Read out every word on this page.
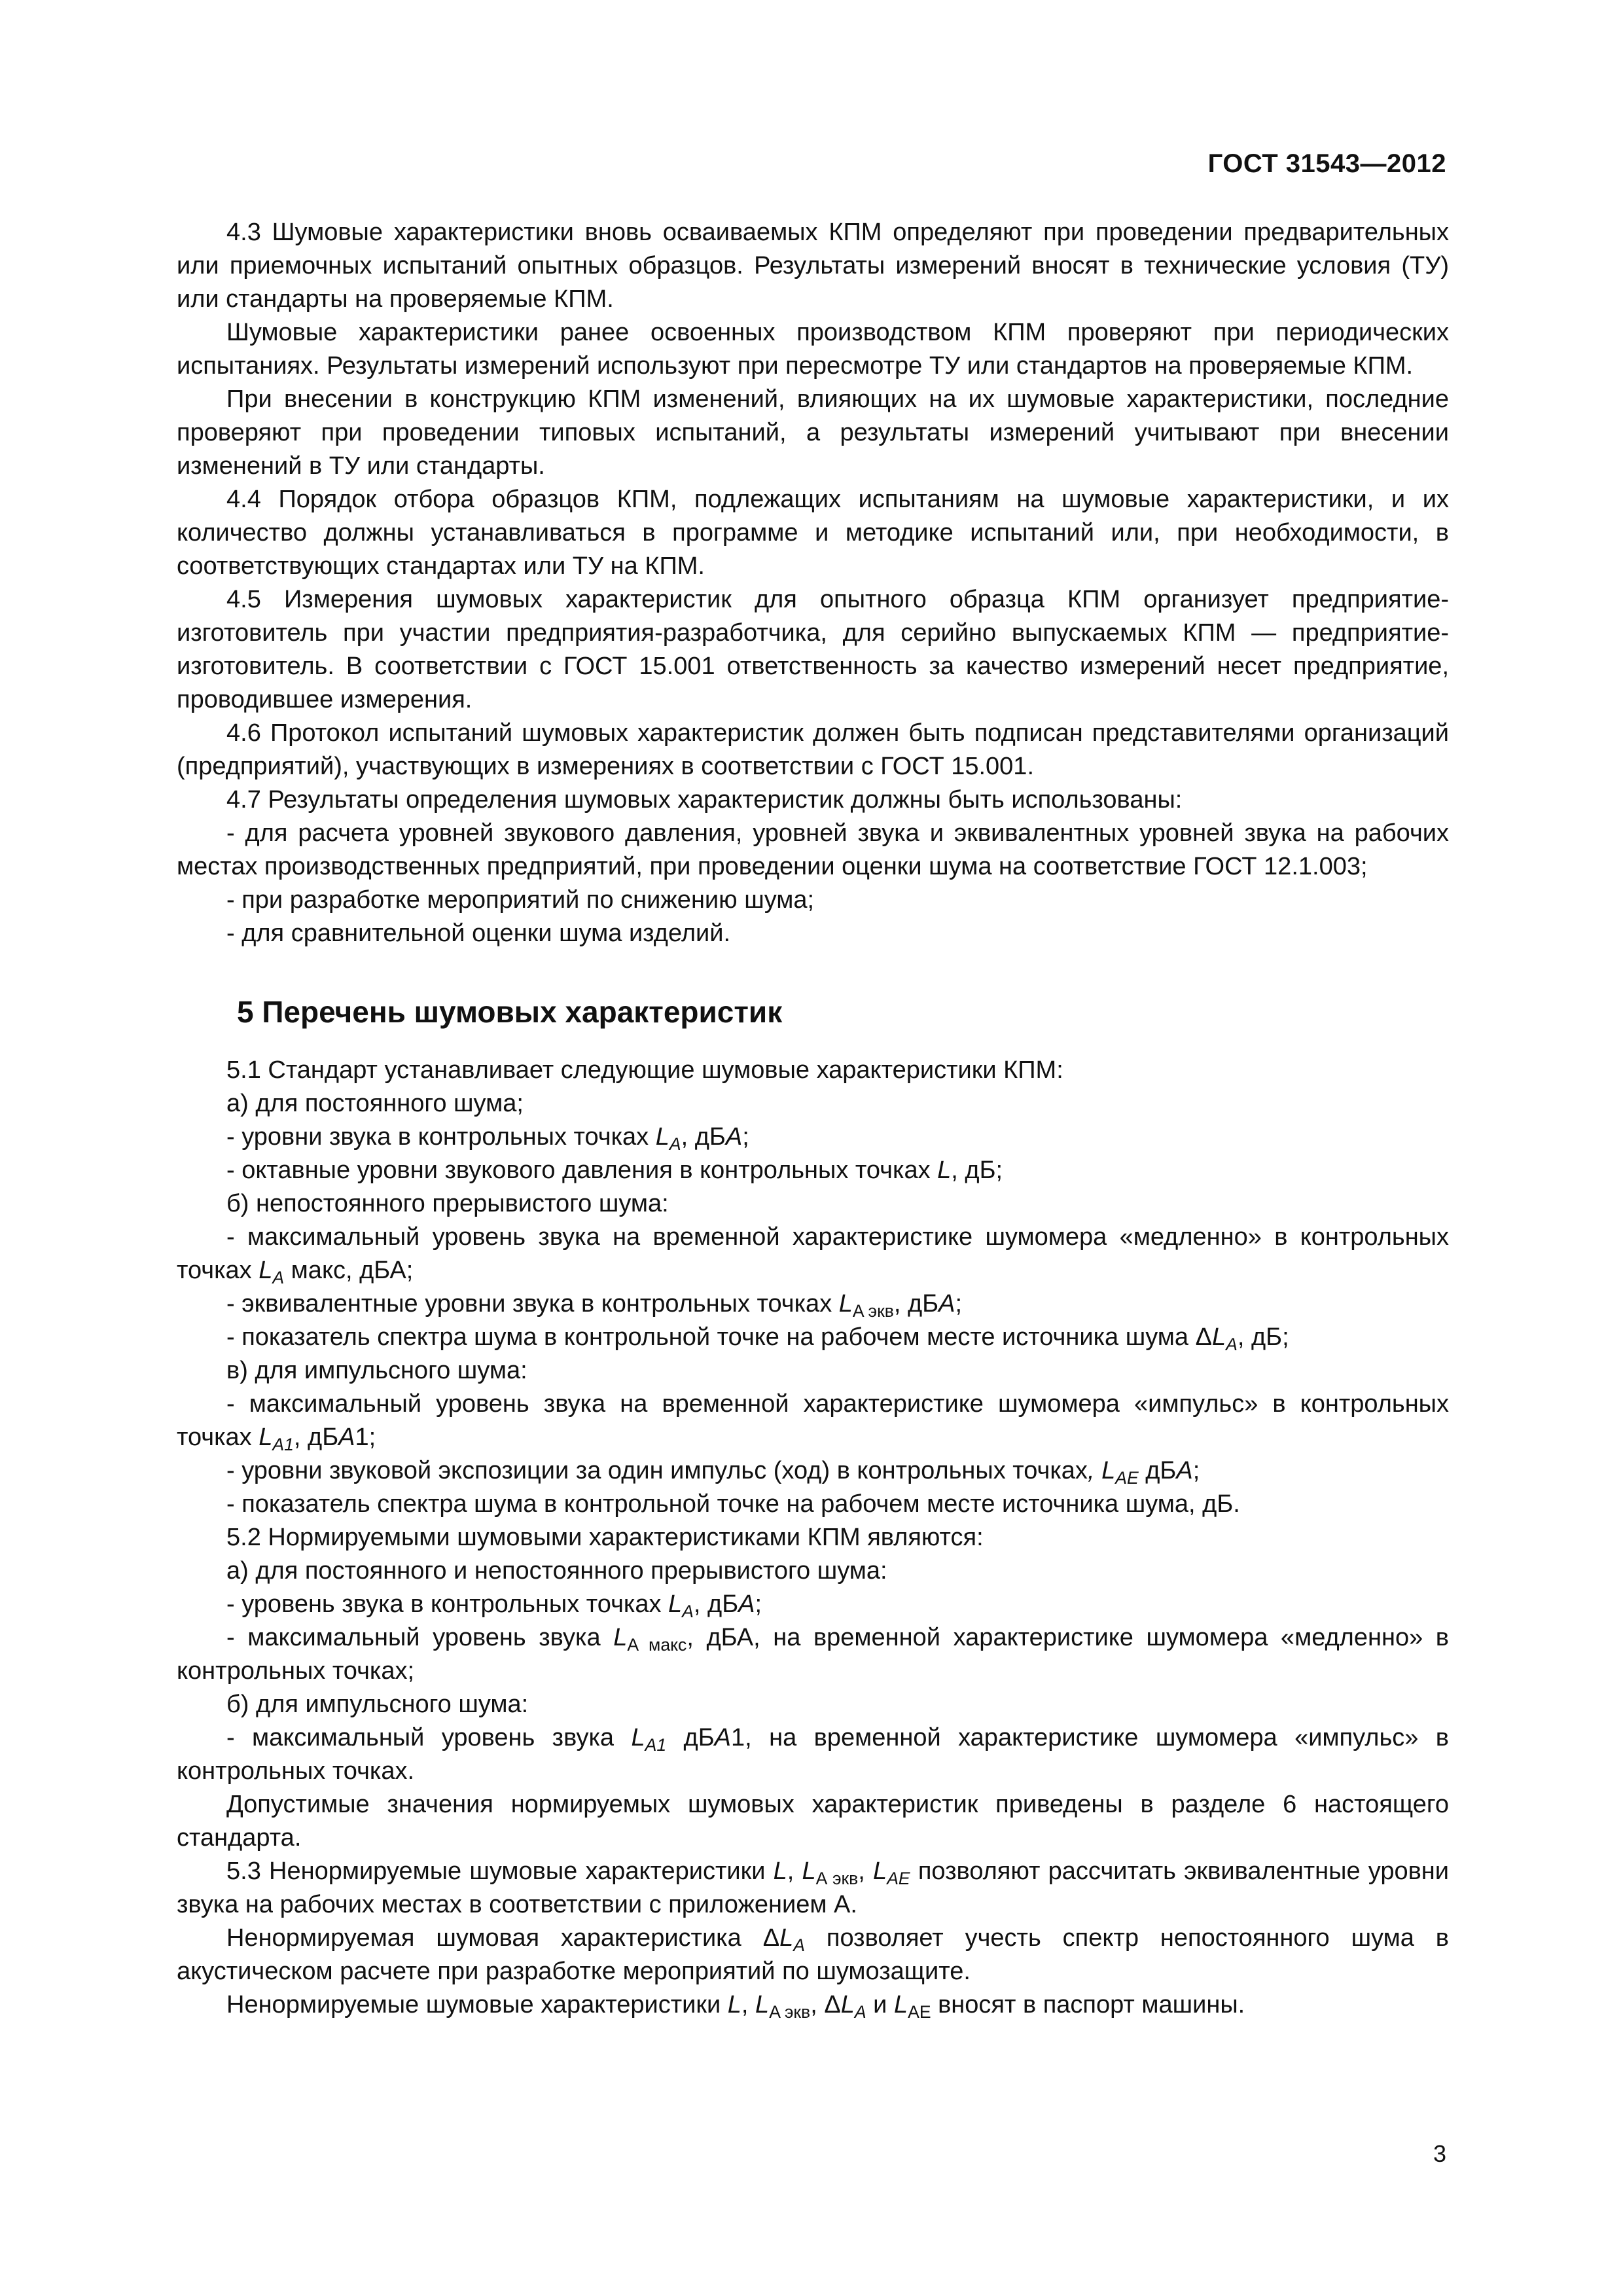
ГОСТ 31543—2012

4.3 Шумовые характеристики вновь осваиваемых КПМ определяют при проведении предварительных или приемочных испытаний опытных образцов. Результаты измерений вносят в технические условия (ТУ) или стандарты на проверяемые КПМ.

Шумовые характеристики ранее освоенных производством КПМ проверяют при периодических испытаниях. Результаты измерений используют при пересмотре ТУ или стандартов на проверяемые КПМ.

При внесении в конструкцию КПМ изменений, влияющих на их шумовые характеристики, последние проверяют при проведении типовых испытаний, а результаты измерений учитывают при внесении изменений в ТУ или стандарты.

4.4 Порядок отбора образцов КПМ, подлежащих испытаниям на шумовые характеристики, и их количество должны устанавливаться в программе и методике испытаний или, при необходимости, в соответствующих стандартах или ТУ на КПМ.

4.5 Измерения шумовых характеристик для опытного образца КПМ организует предприятие-изготовитель при участии предприятия-разработчика, для серийно выпускаемых КПМ — предприятие-изготовитель. В соответствии с ГОСТ 15.001 ответственность за качество измерений несет предприятие, проводившее измерения.

4.6 Протокол испытаний шумовых характеристик должен быть подписан представителями организаций (предприятий), участвующих в измерениях в соответствии с ГОСТ 15.001.

4.7 Результаты определения шумовых характеристик должны быть использованы:

- для расчета уровней звукового давления, уровней звука и эквивалентных уровней звука на рабочих местах производственных предприятий, при проведении оценки шума на соответствие ГОСТ 12.1.003;

- при разработке мероприятий по снижению шума;

- для сравнительной оценки шума изделий.

5 Перечень шумовых характеристик

5.1 Стандарт устанавливает следующие шумовые характеристики КПМ:

а) для постоянного шума;

- уровни звука в контрольных точках $L_A$, дБA;

- октавные уровни звукового давления в контрольных точках L, дБ;

б) непостоянного прерывистого шума:

- максимальный уровень звука на временной характеристике шумомера «медленно» в контрольных точках $L_A$ макс, дБА;

- эквивалентные уровни звука в контрольных точках $L_{A экв}$, дБA;

- показатель спектра шума в контрольной точке на рабочем месте источника шума $\Delta L_A$, дБ;

в) для импульсного шума:

- максимальный уровень звука на временной характеристике шумомера «импульс» в контрольных точках $L_{A1}$, дБA1;

- уровни звуковой экспозиции за один импульс (ход) в контрольных точках, $L_{AE}$ дБA;

- показатель спектра шума в контрольной точке на рабочем месте источника шума, дБ.

5.2 Нормируемыми шумовыми характеристиками КПМ являются:

а) для постоянного и непостоянного прерывистого шума:

- уровень звука в контрольных точках $L_A$, дБA;

- максимальный уровень звука $L_{A макс}$, дБА, на временной характеристике шумомера «медленно» в контрольных точках;

б) для импульсного шума:

- максимальный уровень звука $L_{A1}$ дБA1, на временной характеристике шумомера «импульс» в контрольных точках.

Допустимые значения нормируемых шумовых характеристик приведены в разделе 6 настоящего стандарта.

5.3 Ненормируемые шумовые характеристики L, $L_{A экв}$, $L_{AE}$ позволяют рассчитать эквивалентные уровни звука на рабочих местах в соответствии с приложением А.

Ненормируемая шумовая характеристика $\Delta L_A$ позволяет учесть спектр непостоянного шума в акустическом расчете при разработке мероприятий по шумозащите.

Ненормируемые шумовые характеристики L, $L_{A экв}$, $\Delta L_A$ и $L_{AE}$ вносят в паспорт машины.

3
